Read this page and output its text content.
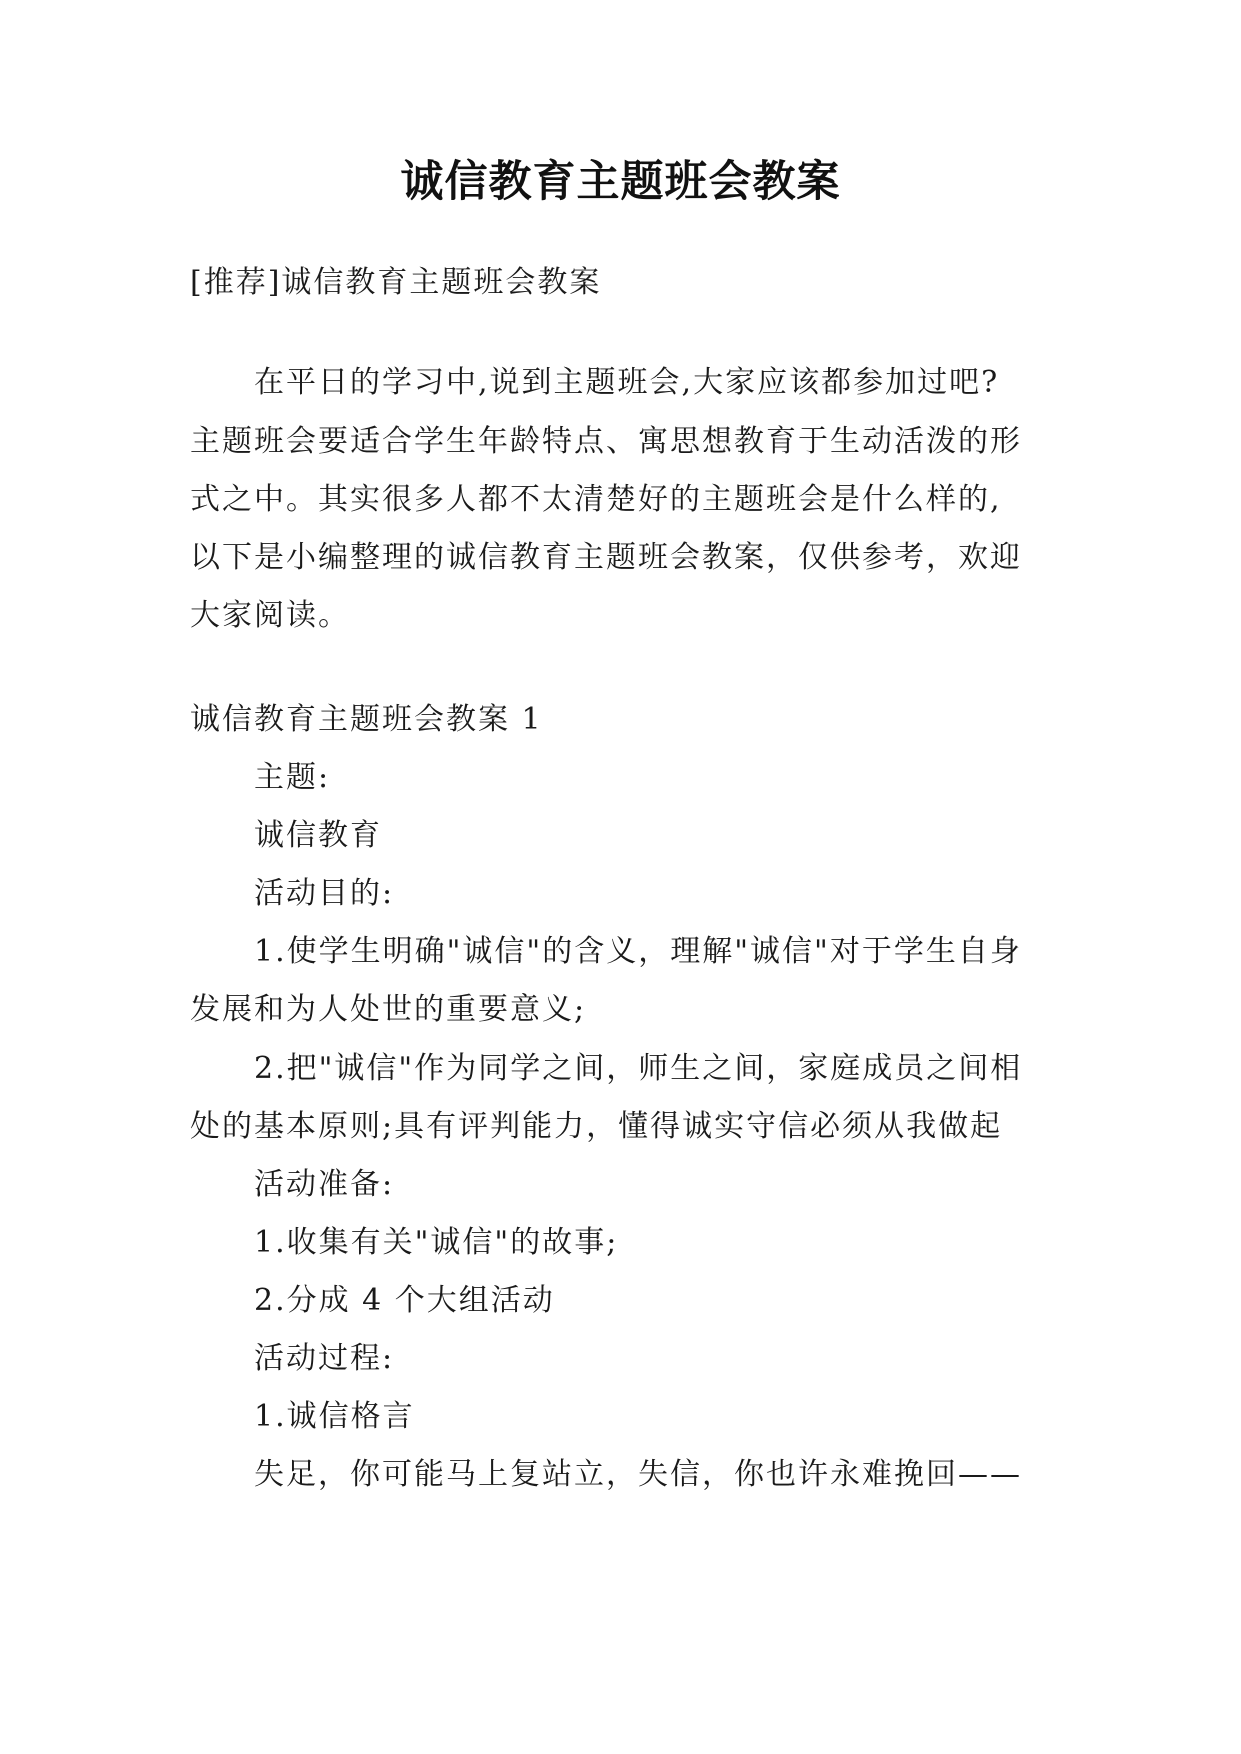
诚信教育主题班会教案
[推荐]诚信教育主题班会教案
在平日的学习中,说到主题班会,大家应该都参加过吧?
主题班会要适合学生年龄特点、寓思想教育于生动活泼的形
式之中。其实很多人都不太清楚好的主题班会是什么样的,
以下是小编整理的诚信教育主题班会教案，仅供参考，欢迎
大家阅读。
诚信教育主题班会教案 1
主题:
诚信教育
活动目的:
1.使学生明确"诚信"的含义，理解"诚信"对于学生自身
发展和为人处世的重要意义;
2.把"诚信"作为同学之间，师生之间，家庭成员之间相
处的基本原则;具有评判能力，懂得诚实守信必须从我做起
活动准备:
1.收集有关"诚信"的故事;
2.分成 4 个大组活动
活动过程:
1.诚信格言
失足，你可能马上复站立，失信，你也许永难挽回——
